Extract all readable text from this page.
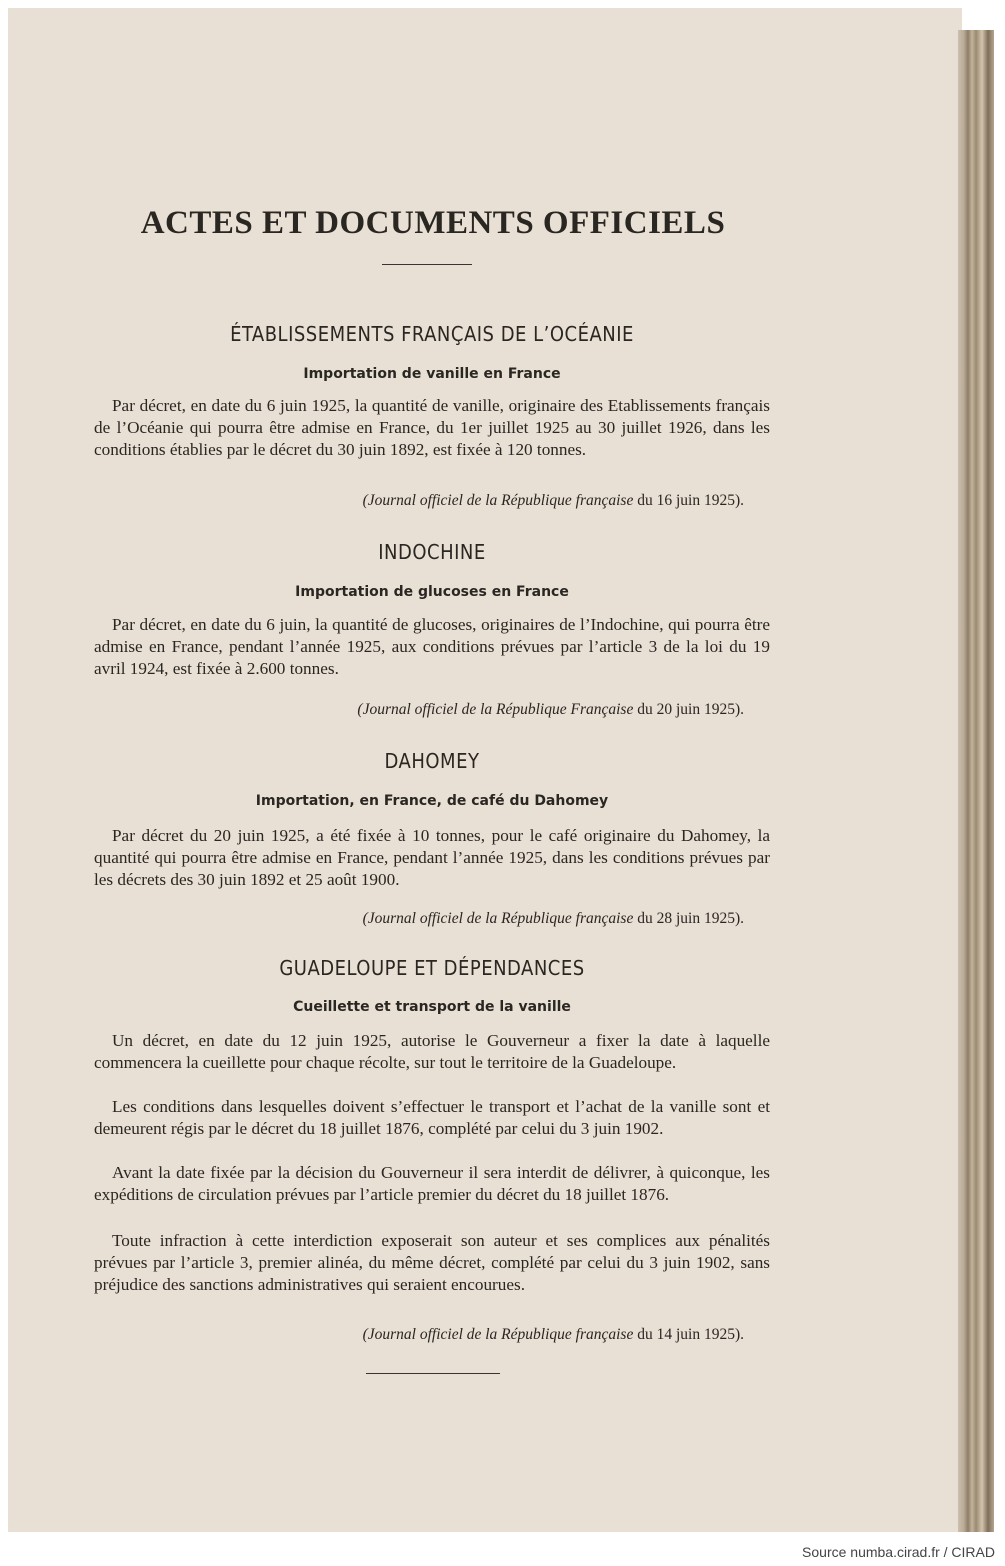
ACTES ET DOCUMENTS OFFICIELS
ÉTABLISSEMENTS FRANÇAIS DE L’OCÉANIE
Importation de vanille en France

Par décret, en date du 6 juin 1925, la quantité de vanille, originaire des Etablissements français de l’Océanie qui pourra être admise en France, du 1er juillet 1925 au 30 juillet 1926, dans les conditions établies par le décret du 30 juin 1892, est fixée à 120 tonnes.

(Journal officiel de la République française du 16 juin 1925).
INDOCHINE
Importation de glucoses en France

Par décret, en date du 6 juin, la quantité de glucoses, originaires de l’Indochine, qui pourra être admise en France, pendant l’année 1925, aux conditions prévues par l’article 3 de la loi du 19 avril 1924, est fixée à 2.600 tonnes.

(Journal officiel de la République Française du 20 juin 1925).
DAHOMEY
Importation, en France, de café du Dahomey

Par décret du 20 juin 1925, a été fixée à 10 tonnes, pour le café originaire du Dahomey, la quantité qui pourra être admise en France, pendant l’année 1925, dans les conditions prévues par les décrets des 30 juin 1892 et 25 août 1900.

(Journal officiel de la République française du 28 juin 1925).
GUADELOUPE ET DÉPENDANCES
Cueillette et transport de la vanille

Un décret, en date du 12 juin 1925, autorise le Gouverneur a fixer la date à laquelle commencera la cueillette pour chaque récolte, sur tout le territoire de la Guadeloupe.

Les conditions dans lesquelles doivent s’effectuer le transport et l’achat de la vanille sont et demeurent régis par le décret du 18 juillet 1876, complété par celui du 3 juin 1902.

Avant la date fixée par la décision du Gouverneur il sera interdit de délivrer, à quiconque, les expéditions de circulation prévues par l’article premier du décret du 18 juillet 1876.

Toute infraction à cette interdiction exposerait son auteur et ses complices aux pénalités prévues par l’article 3, premier alinéa, du même décret, complété par celui du 3 juin 1902, sans préjudice des sanctions administratives qui seraient encourues.

(Journal officiel de la République française du 14 juin 1925).
Source numba.cirad.fr / CIRAD
